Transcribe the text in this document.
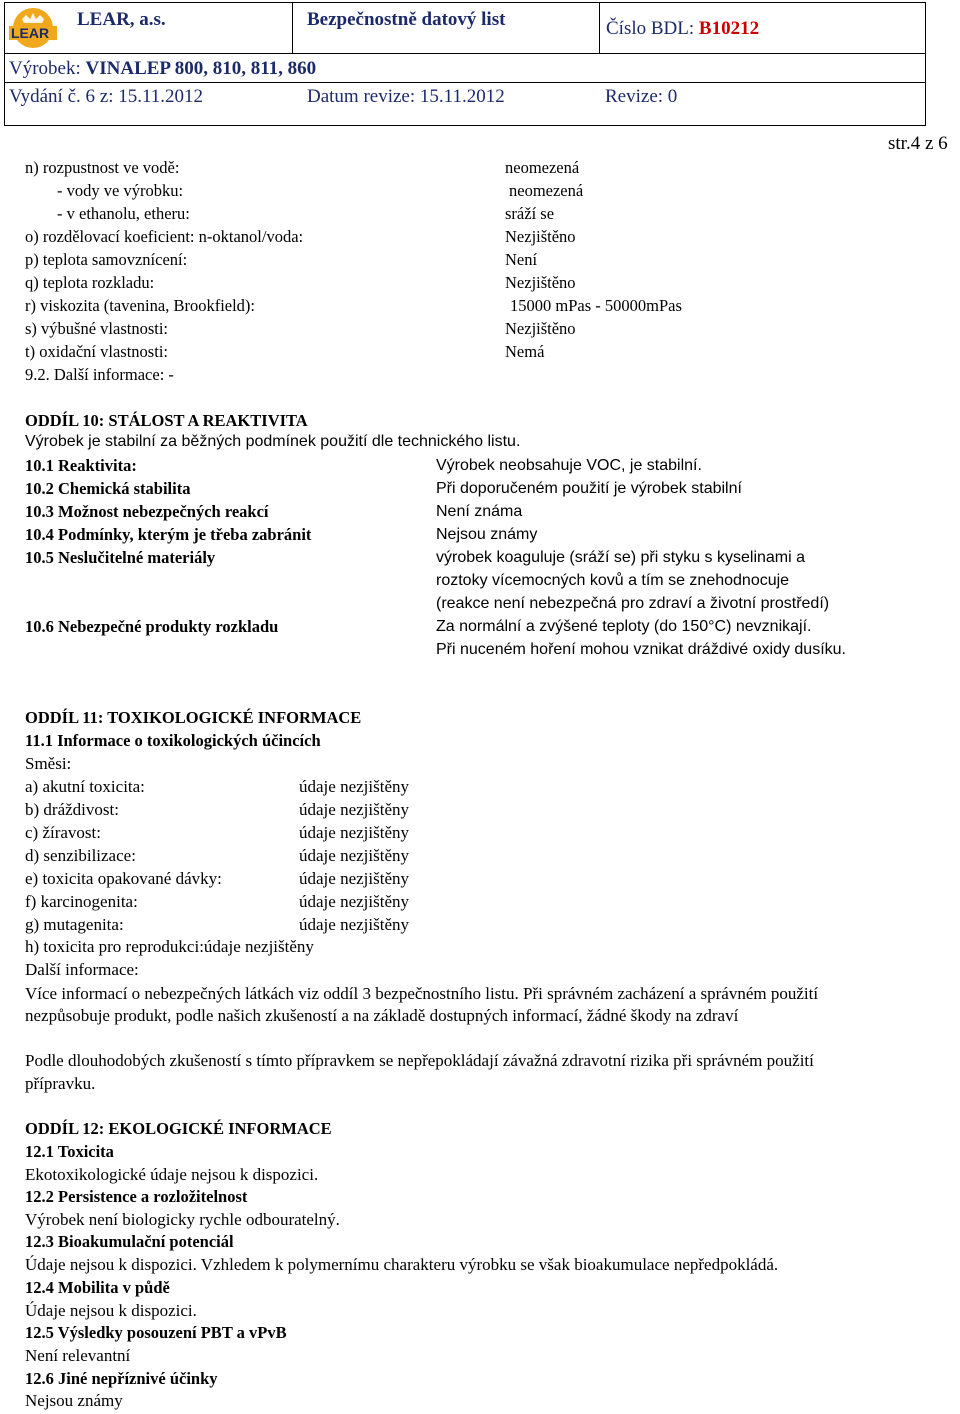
LEAR
LEAR, a.s.	Bezpečnostně datový list	Číslo BDL: B10212
Výrobek: VINALEP 800, 810, 811, 860
Vydání č. 6 z: 15.11.2012	Datum revize: 15.11.2012	Revize: 0
str.4 z 6
n) rozpustnost ve vodě:	neomezená
- vody ve výrobku:	neomezená
- v ethanolu, etheru:	sráží se
o) rozdělovací koeficient: n-oktanol/voda:	Nezjištěno
p) teplota samovznícení:	Není
q) teplota rozkladu:	Nezjištěno
r) viskozita (tavenina, Brookfield):	15000 mPas - 50000mPas
s) výbušné vlastnosti:	Nezjištěno
t) oxidační vlastnosti:	Nemá
9.2. Další informace: -
ODDÍL 10: STÁLOST A REAKTIVITA
Výrobek je stabilní za běžných podmínek použití dle technického listu.
10.1 Reaktivita:	Výrobek neobsahuje VOC, je stabilní.
10.2 Chemická stabilita	Při doporučeném použití je výrobek stabilní
10.3 Možnost nebezpečných reakcí	Není známa
10.4 Podmínky, kterým je třeba zabránit	Nejsou známy
10.5 Neslučitelné materiály	výrobek koaguluje (sráží se) při styku s kyselinami a
roztoky vícemocných kovů a tím se znehodnocuje
(reakce není nebezpečná pro zdraví a životní prostředí)
10.6 Nebezpečné produkty rozkladu	Za normální a zvýšené teploty (do 150°C) nevznikají.
Při nuceném hoření mohou vznikat dráždivé oxidy dusíku.
ODDÍL 11: TOXIKOLOGICKÉ INFORMACE
11.1 Informace o toxikologických účincích
Směsi:
a) akutní toxicita:	údaje nezjištěny
b) dráždivost:	údaje nezjištěny
c) žíravost:	údaje nezjištěny
d) senzibilizace:	údaje nezjištěny
e) toxicita opakované dávky:	údaje nezjištěny
f) karcinogenita:	údaje nezjištěny
g) mutagenita:	údaje nezjištěny
h) toxicita pro reprodukci:údaje nezjištěny
Další informace:
Více informací o nebezpečných látkách viz oddíl 3 bezpečnostního listu. Při správném zacházení a správném použití
nezpůsobuje produkt, podle našich zkušeností a na základě dostupných informací, žádné škody na zdraví
Podle dlouhodobých zkušeností s tímto přípravkem se nepřepokládají závažná zdravotní rizika při správném použití
přípravku.
ODDÍL 12: EKOLOGICKÉ INFORMACE
12.1 Toxicita
Ekotoxikologické údaje nejsou k dispozici.
12.2 Persistence a rozložitelnost
Výrobek není biologicky rychle odbouratelný.
12.3 Bioakumulační potenciál
Údaje nejsou k dispozici. Vzhledem k polymernímu charakteru výrobku se však bioakumulace nepředpokládá.
12.4 Mobilita v půdě
Údaje nejsou k dispozici.
12.5 Výsledky posouzení PBT a vPvB
Není relevantní
12.6 Jiné nepříznivé účinky
Nejsou známy
